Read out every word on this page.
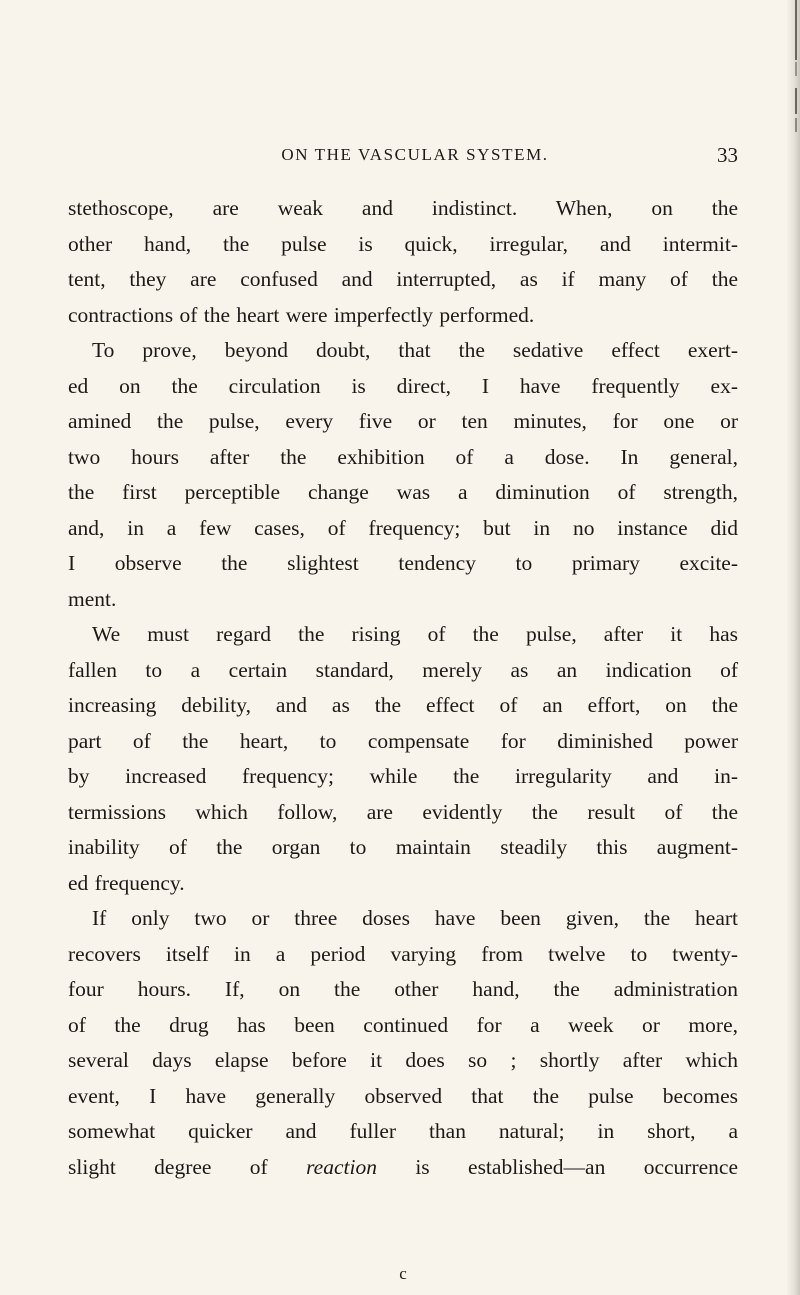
ON THE VASCULAR SYSTEM.	33
stethoscope, are weak and indistinct. When, on the
other hand, the pulse is quick, irregular, and intermit-
tent, they are confused and interrupted, as if many of the
contractions of the heart were imperfectly performed.
To prove, beyond doubt, that the sedative effect exert-
ed on the circulation is direct, I have frequently ex-
amined the pulse, every five or ten minutes, for one or
two hours after the exhibition of a dose. In general,
the first perceptible change was a diminution of strength,
and, in a few cases, of frequency; but in no instance did
I observe the slightest tendency to primary excite-
ment.
We must regard the rising of the pulse, after it has
fallen to a certain standard, merely as an indication of
increasing debility, and as the effect of an effort, on the
part of the heart, to compensate for diminished power
by increased frequency; while the irregularity and in-
termissions which follow, are evidently the result of the
inability of the organ to maintain steadily this augment-
ed frequency.
If only two or three doses have been given, the heart
recovers itself in a period varying from twelve to twenty-
four hours. If, on the other hand, the administration
of the drug has been continued for a week or more,
several days elapse before it does so ; shortly after which
event, I have generally observed that the pulse becomes
somewhat quicker and fuller than natural; in short, a
slight degree of reaction is established—an occurrence
c
